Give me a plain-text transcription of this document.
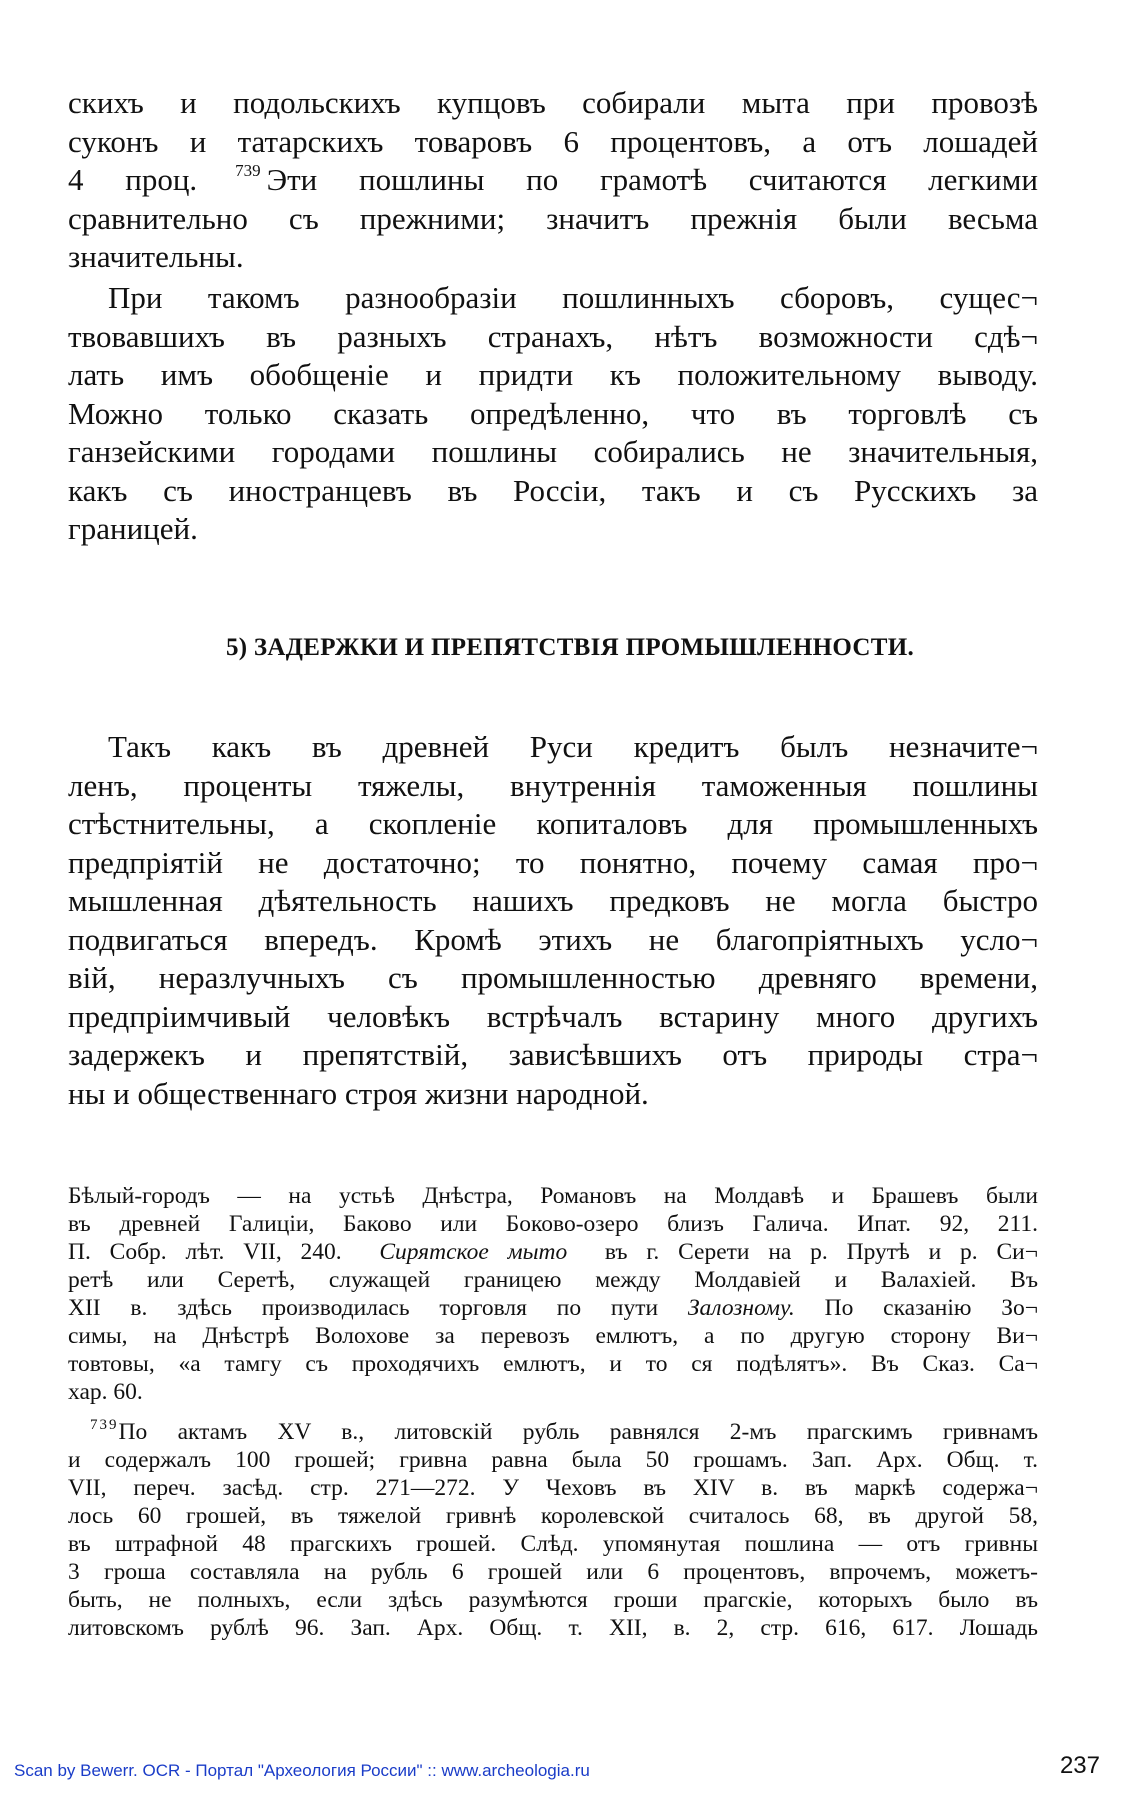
скихъ и подольскихъ купцовъ собирали мыта при провозѣ
суконъ и татарскихъ товаровъ 6 процентовъ, а отъ лошадей
4 проц. $^{739}$ Эти пошлины по грамотѣ считаются легкими
сравнительно съ прежними; значитъ прежнія были весьма
значительны.
При такомъ разнообразіи пошлинныхъ сборовъ, сущес¬
твовавшихъ въ разныхъ странахъ, нѣтъ возможности сдѣ¬
лать имъ обобщеніе и придти къ положительному выводу.
Можно только сказать опредѣленно, что въ торговлѣ съ
ганзейскими городами пошлины собирались не значительныя,
какъ съ иностранцевъ въ Россіи, такъ и съ Русскихъ за
границей.
5) ЗАДЕРЖКИ И ПРЕПЯТСТВІЯ ПРОМЫШЛЕННОСТИ.
Такъ какъ въ древней Руси кредитъ былъ незначите¬
ленъ, проценты тяжелы, внутреннія таможенныя пошлины
стѣстнительны, а скопленіе копиталовъ для промышленныхъ
предпріятій не достаточно; то понятно, почему самая про¬
мышленная дѣятельность нашихъ предковъ не могла быстро
подвигаться впередъ. Кромѣ этихъ не благопріятныхъ усло¬
вій, неразлучныхъ съ промышленностью древняго времени,
предпріимчивый человѣкъ встрѣчалъ встарину много другихъ
задержекъ и препятствій, зависѣвшихъ отъ природы стра¬
ны и общественнаго строя жизни народной.
Бѣлый-городъ — на устьѣ Днѣстра, Романовъ на Молдавѣ и Брашевъ были
въ древней Галиціи, Баково или Боково-озеро близъ Галича. Ипат. 92, 211.
П. Собр. лѣт. VII, 240. Сирятское мыто въ г. Серети на р. Прутѣ и р. Си¬
ретѣ или Серетѣ, служащей границею между Молдавіей и Валахіей. Въ
XII в. здѣсь производилась торговля по пути Залозному. По сказанію Зо¬
симы, на Днѣстрѣ Волохове за перевозъ емлютъ, а по другую сторону Ви¬
товтовы, «а тамгу съ проходячихъ емлютъ, и то ся подѣлятъ». Въ Сказ. Са¬
хар. 60.
$^{739}$По актамъ XV в., литовскій рубль равнялся 2-мъ прагскимъ гривнамъ
и содержалъ 100 грошей; гривна равна была 50 грошамъ. Зап. Арх. Общ. т.
VII, переч. засѣд. стр. 271—272. У Чеховъ въ XIV в. въ маркѣ содержа¬
лось 60 грошей, въ тяжелой гривнѣ королевской считалось 68, въ другой 58,
въ штрафной 48 прагскихъ грошей. Слѣд. упомянутая пошлина — отъ гривны
3 гроша составляла на рубль 6 грошей или 6 процентовъ, впрочемъ, можетъ-
быть, не полныхъ, если здѣсь разумѣются гроши прагскіе, которыхъ было въ
литовскомъ рублѣ 96. Зап. Арх. Общ. т. XII, в. 2, стр. 616, 617. Лошадь

Scan by Bewerr. OCR - Портал "Археология России" :: www.archeologia.ru	237
